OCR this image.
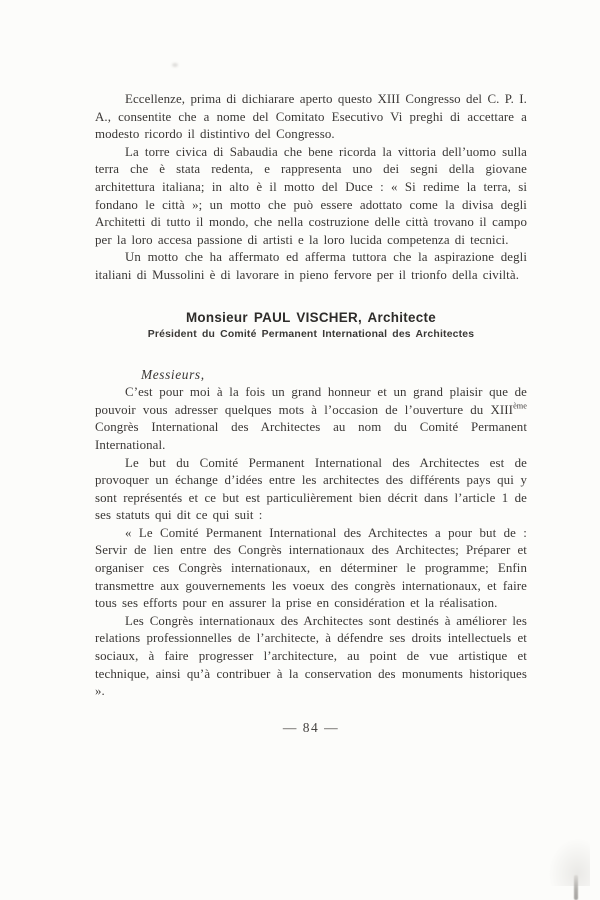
Eccellenze, prima di dichiarare aperto questo XIII Congresso del C. P. I. A., consentite che a nome del Comitato Esecutivo Vi preghi di accettare a modesto ricordo il distintivo del Congresso.

La torre civica di Sabaudia che bene ricorda la vittoria dell’uomo sulla terra che è stata redenta, e rappresenta uno dei segni della giovane architettura italiana; in alto è il motto del Duce : « Si redime la terra, si fondano le città »; un motto che può essere adottato come la divisa degli Architetti di tutto il mondo, che nella costruzione delle città trovano il campo per la loro accesa passione di artisti e la loro lucida competenza di tecnici.

Un motto che ha affermato ed afferma tuttora che la aspirazione degli italiani di Mussolini è di lavorare in pieno fervore per il trionfo della civiltà.

Monsieur PAUL VISCHER, Architecte
Président du Comité Permanent International des Architectes

Messieurs,

C’est pour moi à la fois un grand honneur et un grand plaisir que de pouvoir vous adresser quelques mots à l’occasion de l’ouverture du XIIIème Congrès International des Architectes au nom du Comité Permanent International.

Le but du Comité Permanent International des Architectes est de provoquer un échange d’idées entre les architectes des différents pays qui y sont représentés et ce but est particulièrement bien décrit dans l’article 1 de ses statuts qui dit ce qui suit :

« Le Comité Permanent International des Architectes a pour but de : Servir de lien entre des Congrès internationaux des Architectes; Préparer et organiser ces Congrès internationaux, en déterminer le programme; Enfin transmettre aux gouvernements les voeux des congrès internationaux, et faire tous ses efforts pour en assurer la prise en considération et la réalisation.

Les Congrès internationaux des Architectes sont destinés à améliorer les relations professionnelles de l’architecte, à défendre ses droits intellectuels et sociaux, à faire progresser l’architecture, au point de vue artistique et technique, ainsi qu’à contribuer à la conservation des monuments historiques ».

— 84 —
